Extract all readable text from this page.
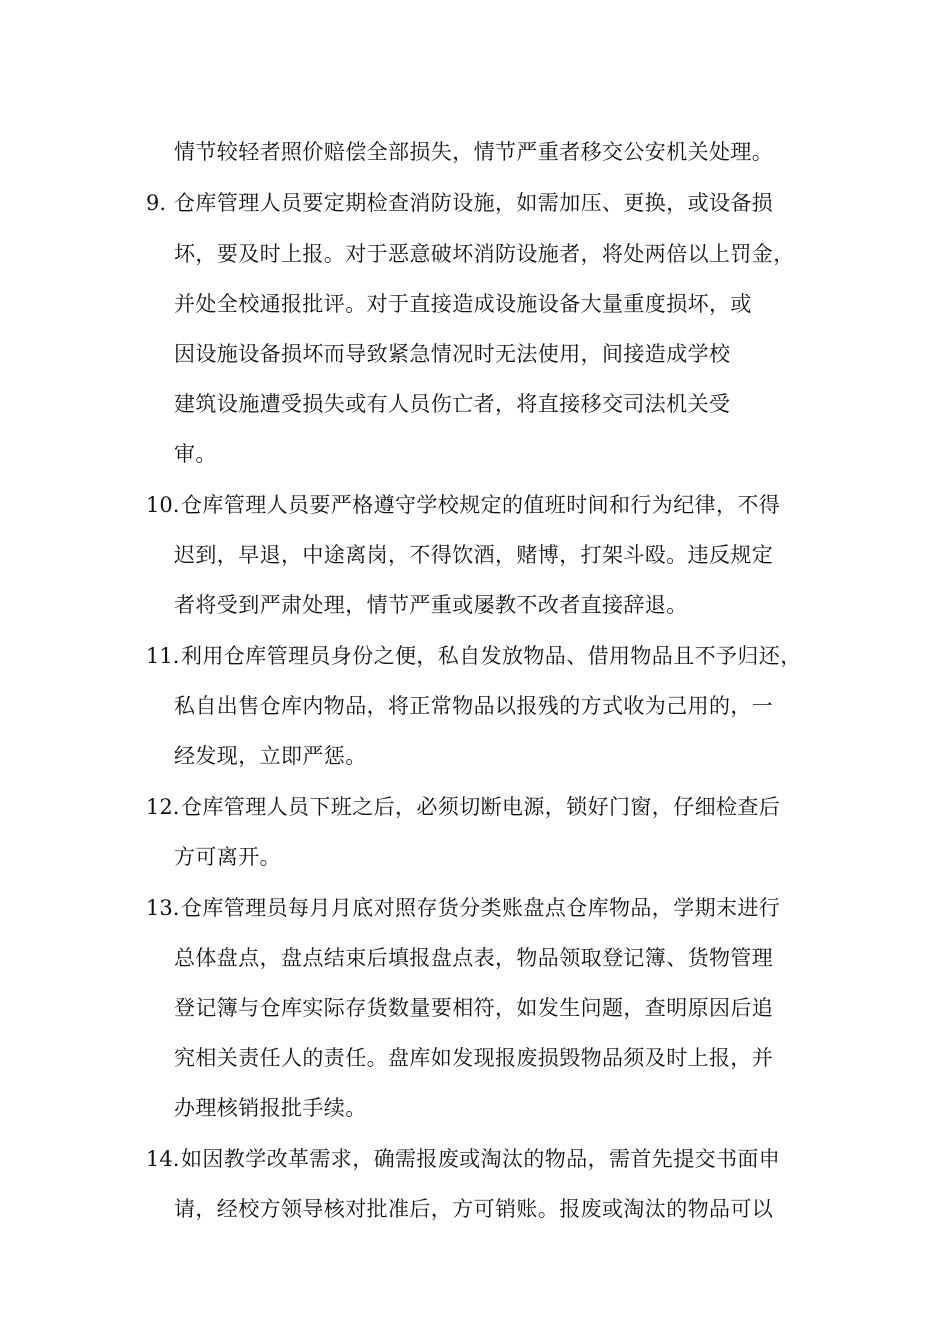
情节较轻者照价赔偿全部损失，情节严重者移交公安机关处理。
9. 仓库管理人员要定期检查消防设施，如需加压、更换，或设备损
坏，要及时上报。对于恶意破坏消防设施者，将处两倍以上罚金，
并处全校通报批评。对于直接造成设施设备大量重度损坏，或
因设施设备损坏而导致紧急情况时无法使用，间接造成学校
建筑设施遭受损失或有人员伤亡者，将直接移交司法机关受
审。
10. 仓库管理人员要严格遵守学校规定的值班时间和行为纪律，不得
迟到，早退，中途离岗，不得饮酒，赌博，打架斗殴。违反规定
者将受到严肃处理，情节严重或屡教不改者直接辞退。
11. 利用仓库管理员身份之便，私自发放物品、借用物品且不予归还，
私自出售仓库内物品，将正常物品以报残的方式收为己用的，一
经发现，立即严惩。
12. 仓库管理人员下班之后，必须切断电源，锁好门窗，仔细检查后
方可离开。
13. 仓库管理员每月月底对照存货分类账盘点仓库物品，学期末进行
总体盘点，盘点结束后填报盘点表，物品领取登记簿、货物管理
登记簿与仓库实际存货数量要相符，如发生问题，查明原因后追
究相关责任人的责任。盘库如发现报废损毁物品须及时上报，并
办理核销报批手续。
14. 如因教学改革需求，确需报废或淘汰的物品，需首先提交书面申
请，经校方领导核对批准后，方可销账。报废或淘汰的物品可以
